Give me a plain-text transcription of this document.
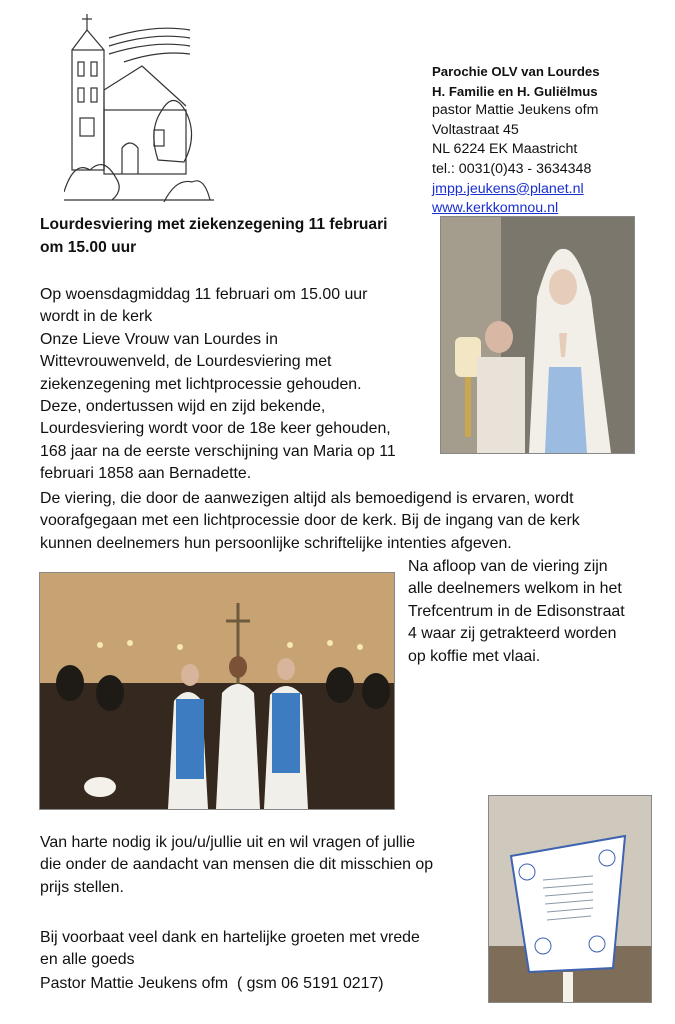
Parochie OLV van Lourdes
H. Familie en H. Guliëlmus
pastor Mattie Jeukens ofm
Voltastraat 45
NL 6224 EK Maastricht
tel.: 0031(0)43 - 3634348
jmpp.jeukens@planet.nl
www.kerkkomnou.nl
Lourdesviering met ziekenzegening 11 februari
om 15.00 uur
Op woensdagmiddag 11 februari om 15.00 uur
wordt in de kerk
Onze Lieve Vrouw van Lourdes in
Wittevrouwenveld, de Lourdesviering met
ziekenzegening met lichtprocessie gehouden.
Deze, ondertussen wijd en zijd bekende,
Lourdesviering wordt voor de 18e keer gehouden,
168 jaar na de eerste verschijning van Maria op 11
februari 1858 aan Bernadette.
De viering, die door de aanwezigen altijd als bemoedigend is ervaren, wordt
voorafgegaan met een lichtprocessie door de kerk. Bij de ingang van de kerk
kunnen deelnemers hun persoonlijke schriftelijke intenties afgeven.
Na afloop van de viering zijn
alle deelnemers welkom in het
Trefcentrum in de Edisonstraat
4 waar zij getrakteerd worden
op koffie met vlaai.
Van harte nodig ik jou/u/jullie uit en wil vragen of jullie
die onder de aandacht van mensen die dit misschien op
prijs stellen.
Bij voorbaat veel dank en hartelijke groeten met vrede
en alle goeds
Pastor Mattie Jeukens ofm  ( gsm 06 5191 0217)
